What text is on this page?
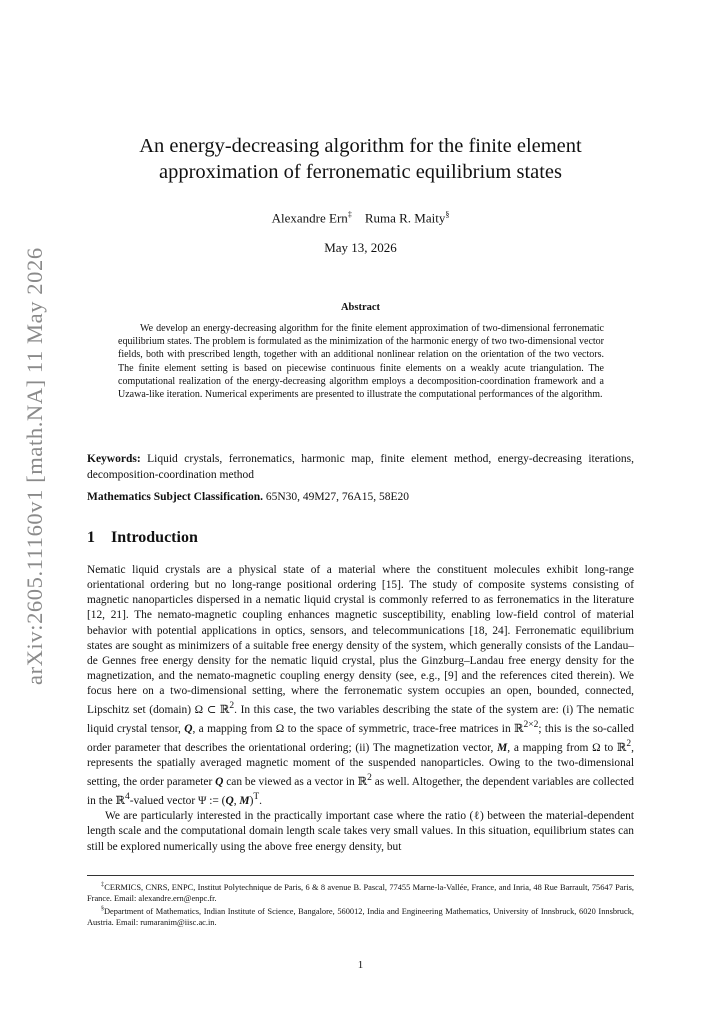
arXiv:2605.11160v1 [math.NA] 11 May 2026
An energy-decreasing algorithm for the finite element approximation of ferronematic equilibrium states
Alexandre Ern‡ Ruma R. Maity§
May 13, 2026
Abstract

We develop an energy-decreasing algorithm for the finite element approximation of two-dimensional ferronematic equilibrium states. The problem is formulated as the minimization of the harmonic energy of two two-dimensional vector fields, both with prescribed length, together with an additional nonlinear relation on the orientation of the two vectors. The finite element setting is based on piecewise continuous finite elements on a weakly acute triangulation. The computational realization of the energy-decreasing algorithm employs a decomposition-coordination framework and a Uzawa-like iteration. Numerical experiments are presented to illustrate the computational performances of the algorithm.

Keywords: Liquid crystals, ferronematics, harmonic map, finite element method, energy-decreasing iterations, decomposition-coordination method

Mathematics Subject Classification. 65N30, 49M27, 76A15, 58E20

1 Introduction

Nematic liquid crystals are a physical state of a material where the constituent molecules exhibit long-range orientational ordering but no long-range positional ordering [15]. The study of composite systems consisting of magnetic nanoparticles dispersed in a nematic liquid crystal is commonly referred to as ferronematics in the literature [12, 21]. The nemato-magnetic coupling enhances magnetic susceptibility, enabling low-field control of material behavior with potential applications in optics, sensors, and telecommunications [18, 24]. Ferronematic equilibrium states are sought as minimizers of a suitable free energy density of the system, which generally consists of the Landau–de Gennes free energy density for the nematic liquid crystal, plus the Ginzburg–Landau free energy density for the magnetization, and the nemato-magnetic coupling energy density (see, e.g., [9] and the references cited therein). We focus here on a two-dimensional setting, where the ferronematic system occupies an open, bounded, connected, Lipschitz set (domain) Ω ⊂ ℝ$^2$. In this case, the two variables describing the state of the system are: (i) The nematic liquid crystal tensor, Q, a mapping from Ω to the space of symmetric, trace-free matrices in ℝ$^{2\times 2}$; this is the so-called order parameter that describes the orientational ordering; (ii) The magnetization vector, M, a mapping from Ω to ℝ$^2$, represents the spatially averaged magnetic moment of the suspended nanoparticles. Owing to the two-dimensional setting, the order parameter Q can be viewed as a vector in ℝ$^2$ as well. Altogether, the dependent variables are collected in the ℝ$^4$-valued vector Ψ := (Q, M)$^T$.

We are particularly interested in the practically important case where the ratio (ℓ) between the material-dependent length scale and the computational domain length scale takes very small values. In this situation, equilibrium states can still be explored numerically using the above free energy density, but

‡CERMICS, CNRS, ENPC, Institut Polytechnique de Paris, 6 & 8 avenue B. Pascal, 77455 Marne-la-Vallée, France, and Inria, 48 Rue Barrault, 75647 Paris, France. Email: alexandre.ern@enpc.fr.

§Department of Mathematics, Indian Institute of Science, Bangalore, 560012, India and Engineering Mathematics, University of Innsbruck, 6020 Innsbruck, Austria. Email: rumaranim@iisc.ac.in.

1
